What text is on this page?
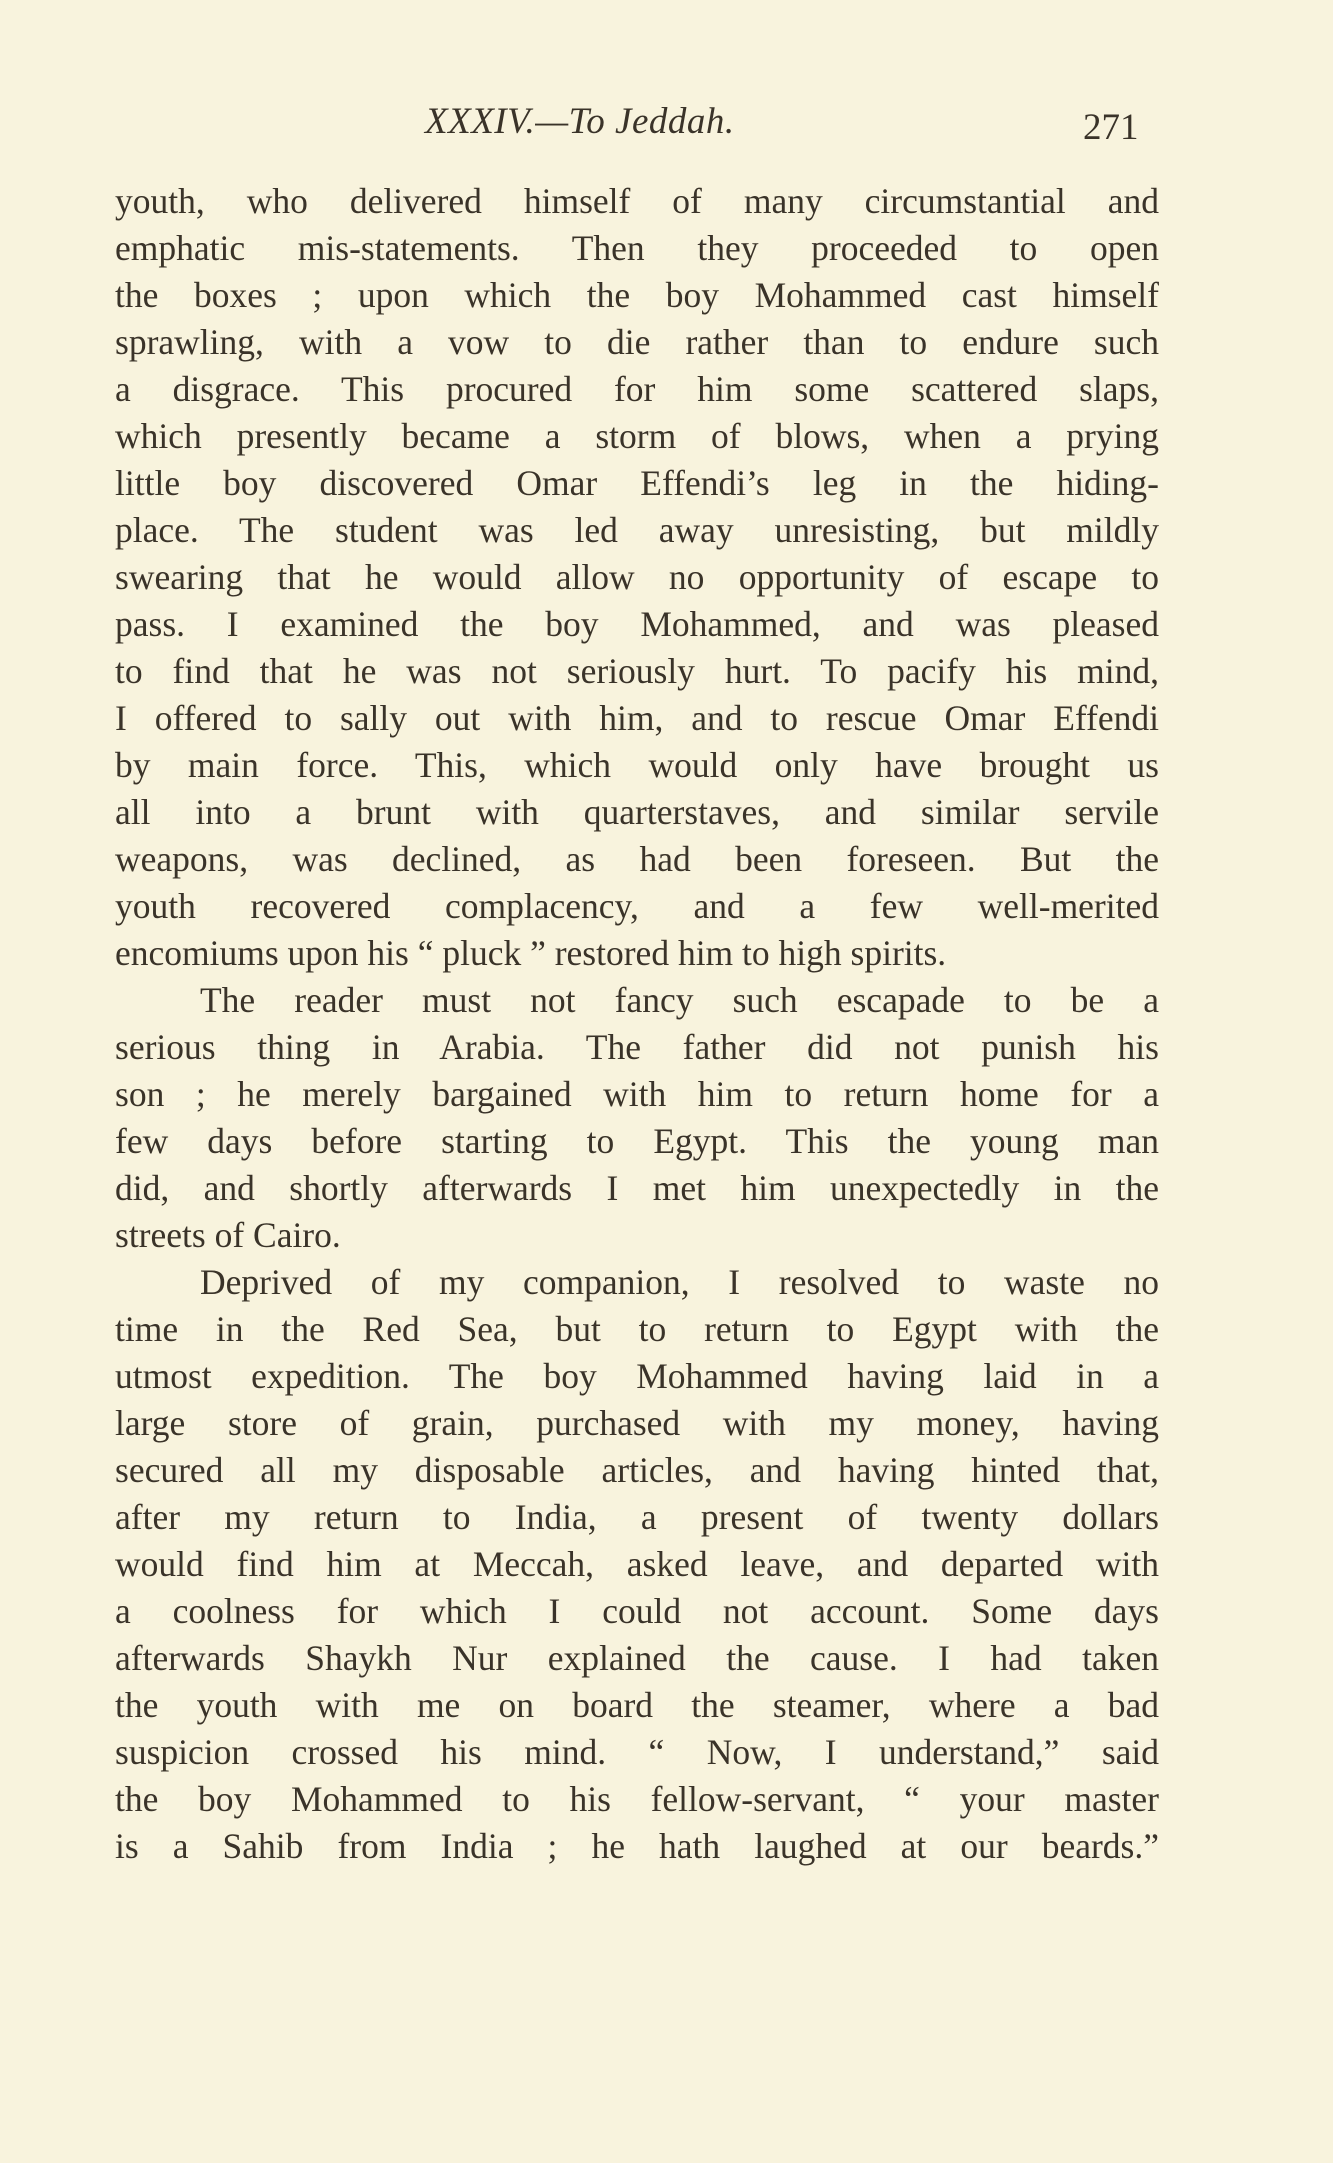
XXXIV.—To Jeddah.	271
youth, who delivered himself of many circumstantial and
emphatic mis-statements. Then they proceeded to open
the boxes ; upon which the boy Mohammed cast himself
sprawling, with a vow to die rather than to endure such
a disgrace. This procured for him some scattered slaps,
which presently became a storm of blows, when a prying
little boy discovered Omar Effendi’s leg in the hiding-
place. The student was led away unresisting, but mildly
swearing that he would allow no opportunity of escape to
pass. I examined the boy Mohammed, and was pleased
to find that he was not seriously hurt. To pacify his mind,
I offered to sally out with him, and to rescue Omar Effendi
by main force. This, which would only have brought us
all into a brunt with quarterstaves, and similar servile
weapons, was declined, as had been foreseen. But the
youth recovered complacency, and a few well-merited
encomiums upon his “ pluck ” restored him to high spirits.
The reader must not fancy such escapade to be a
serious thing in Arabia. The father did not punish his
son ; he merely bargained with him to return home for a
few days before starting to Egypt. This the young man
did, and shortly afterwards I met him unexpectedly in the
streets of Cairo.
Deprived of my companion, I resolved to waste no
time in the Red Sea, but to return to Egypt with the
utmost expedition. The boy Mohammed having laid in a
large store of grain, purchased with my money, having
secured all my disposable articles, and having hinted that,
after my return to India, a present of twenty dollars
would find him at Meccah, asked leave, and departed with
a coolness for which I could not account. Some days
afterwards Shaykh Nur explained the cause. I had taken
the youth with me on board the steamer, where a bad
suspicion crossed his mind. “ Now, I understand,” said
the boy Mohammed to his fellow-servant, “ your master
is a Sahib from India ; he hath laughed at our beards.”
